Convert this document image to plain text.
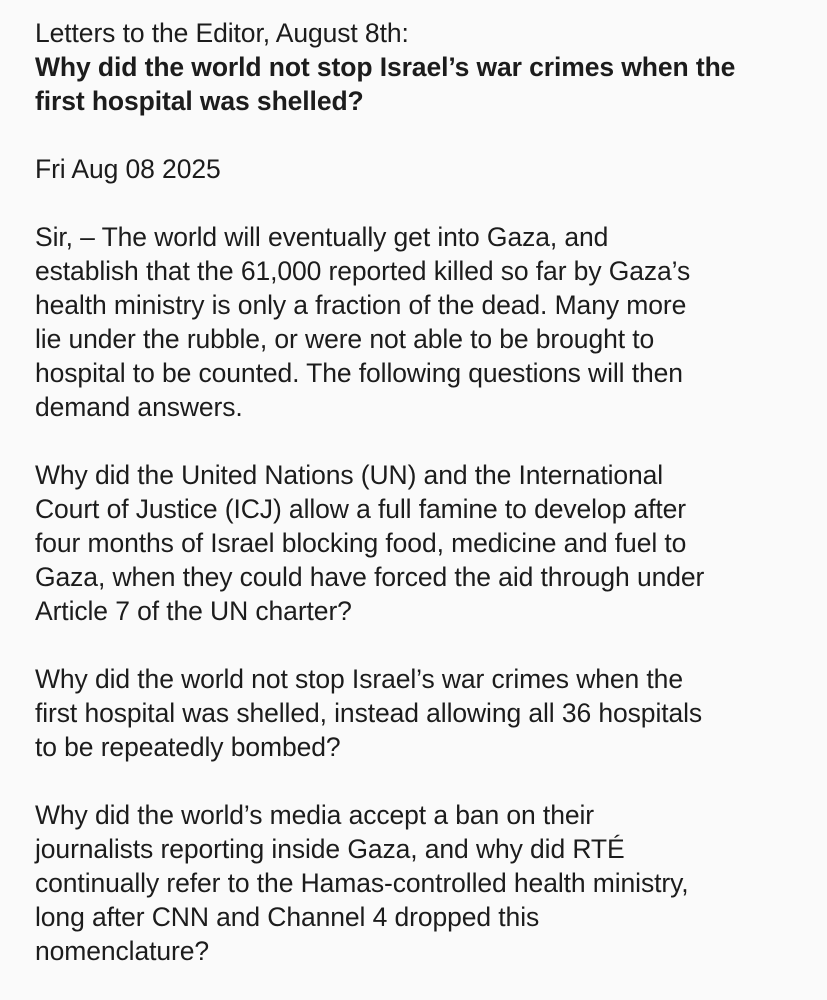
Letters to the Editor, August 8th:
Why did the world not stop Israel’s war crimes when the
first hospital was shelled?
Fri Aug 08 2025

Sir, – The world will eventually get into Gaza, and
establish that the 61,000 reported killed so far by Gaza’s
health ministry is only a fraction of the dead. Many more
lie under the rubble, or were not able to be brought to
hospital to be counted. The following questions will then
demand answers.

Why did the United Nations (UN) and the International
Court of Justice (ICJ) allow a full famine to develop after
four months of Israel blocking food, medicine and fuel to
Gaza, when they could have forced the aid through under
Article 7 of the UN charter?

Why did the world not stop Israel’s war crimes when the
first hospital was shelled, instead allowing all 36 hospitals
to be repeatedly bombed?

Why did the world’s media accept a ban on their
journalists reporting inside Gaza, and why did RTÉ
continually refer to the Hamas-controlled health ministry,
long after CNN and Channel 4 dropped this
nomenclature?
